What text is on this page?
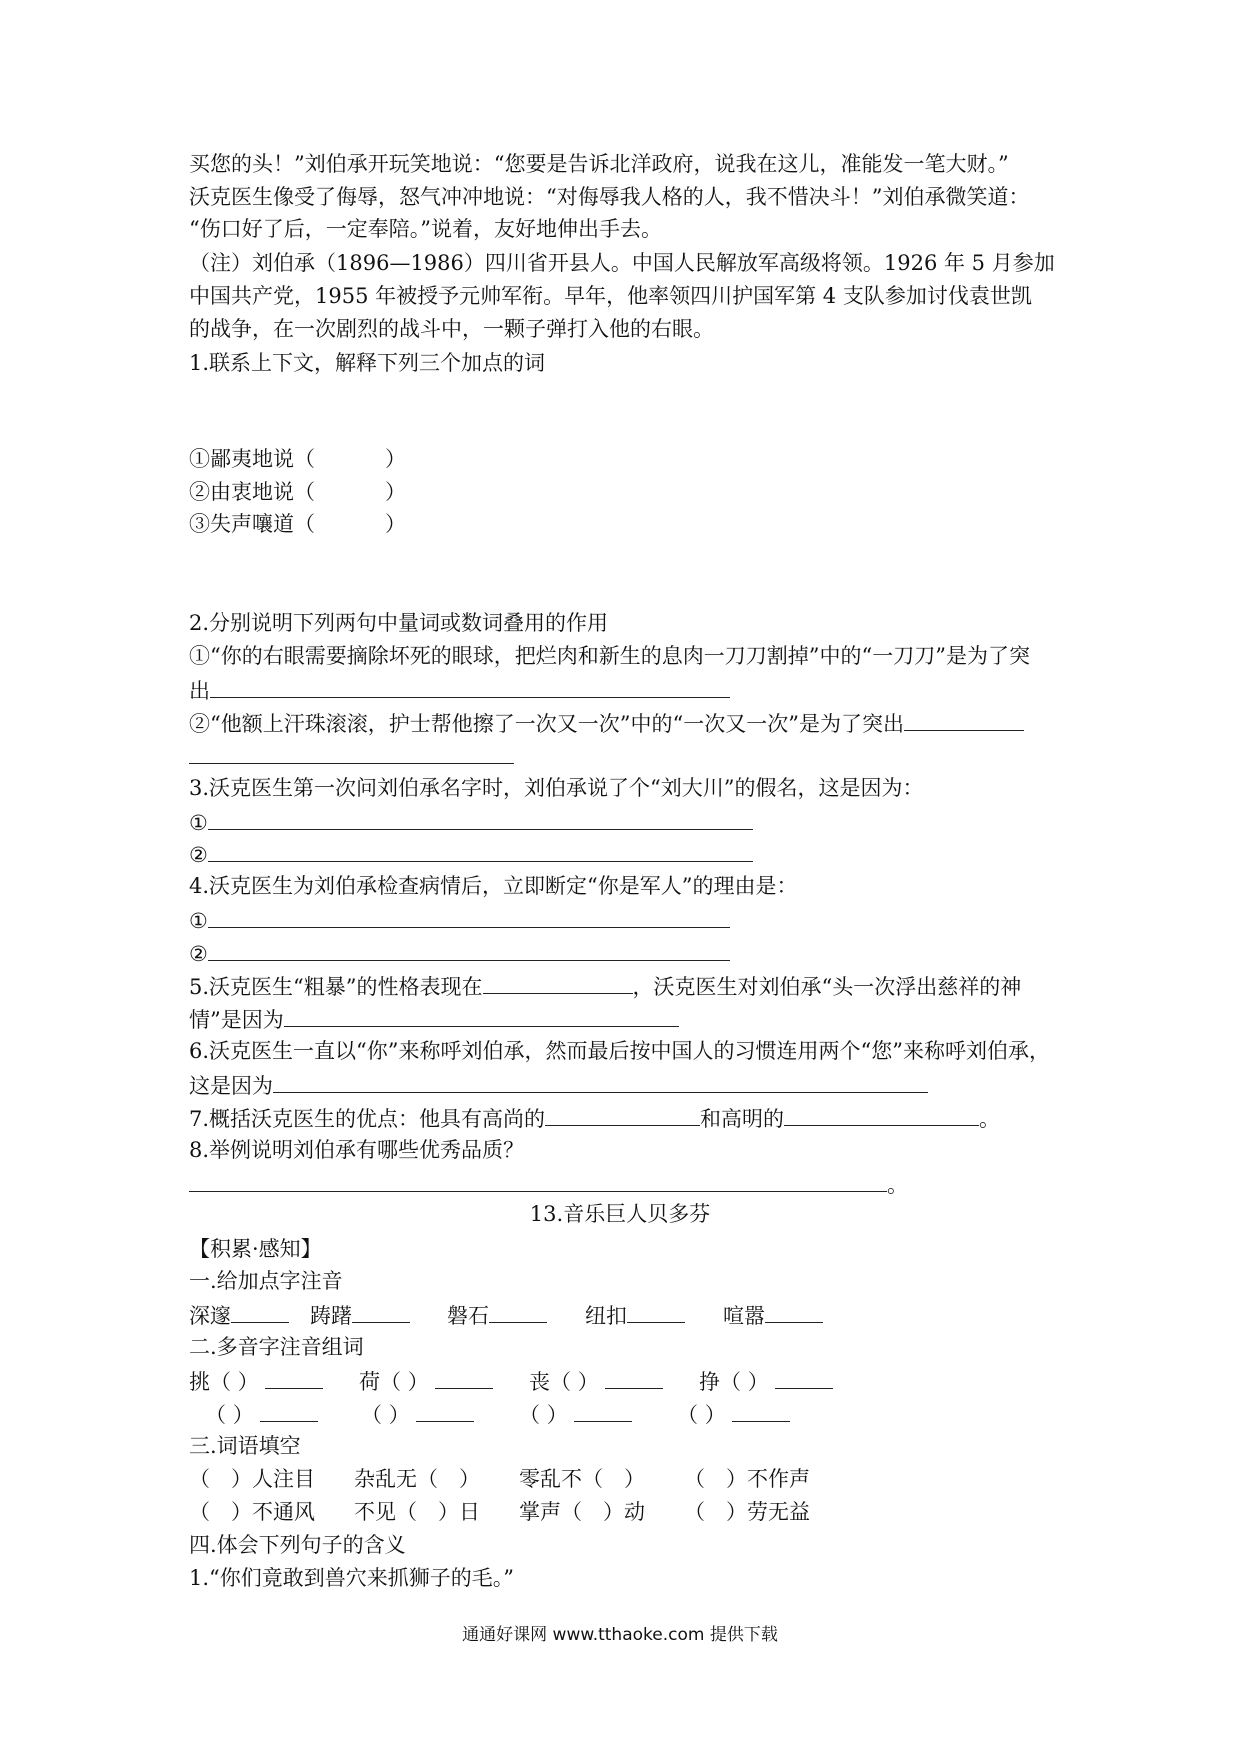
买您的头！”刘伯承开玩笑地说：“您要是告诉北洋政府，说我在这儿，准能发一笔大财。”
沃克医生像受了侮辱，怒气冲冲地说：“对侮辱我人格的人，我不惜决斗！”刘伯承微笑道：
“伤口好了后，一定奉陪。”说着，友好地伸出手去。
（注）刘伯承（1896—1986）四川省开县人。中国人民解放军高级将领。1926 年 5 月参加
中国共产党，1955 年被授予元帅军衔。早年，他率领四川护国军第 4 支队参加讨伐袁世凯
的战争，在一次剧烈的战斗中，一颗子弹打入他的右眼。
1.联系上下文，解释下列三个加点的词
①鄙夷地说（	）
②由衷地说（	）
③失声嚷道（	）
2.分别说明下列两句中量词或数词叠用的作用
①“你的右眼需要摘除坏死的眼球，把烂肉和新生的息肉一刀刀割掉”中的“一刀刀”是为了突
出
②“他额上汗珠滚滚，护士帮他擦了一次又一次”中的“一次又一次”是为了突出
3.沃克医生第一次问刘伯承名字时，刘伯承说了个“刘大川”的假名，这是因为：
①
②
4.沃克医生为刘伯承检查病情后，立即断定“你是军人”的理由是：
①
②
5.沃克医生“粗暴”的性格表现在	，沃克医生对刘伯承“头一次浮出慈祥的神
情”是因为
6.沃克医生一直以“你”来称呼刘伯承，然而最后按中国人的习惯连用两个“您”来称呼刘伯承，
这是因为
7.概括沃克医生的优点：他具有高尚的	和高明的	。
8.举例说明刘伯承有哪些优秀品质？
。
13.音乐巨人贝多芬
【积累·感知】
一.给加点字注音
深邃	踌躇	磐石	纽扣	喧嚣
二.多音字注音组词
挑（ ）	荷（ ）	丧（ ）	挣（ ）
（ ）	（ ）	（ ）	（ ）
三.词语填空
（　）人注目 杂乱无（　） 零乱不（　） （　）不作声
（　）不通风 不见（　）日 掌声（　）动 （　）劳无益
四.体会下列句子的含义
1.“你们竟敢到兽穴来抓狮子的毛。”
通通好课网 www.tthaoke.com 提供下载
